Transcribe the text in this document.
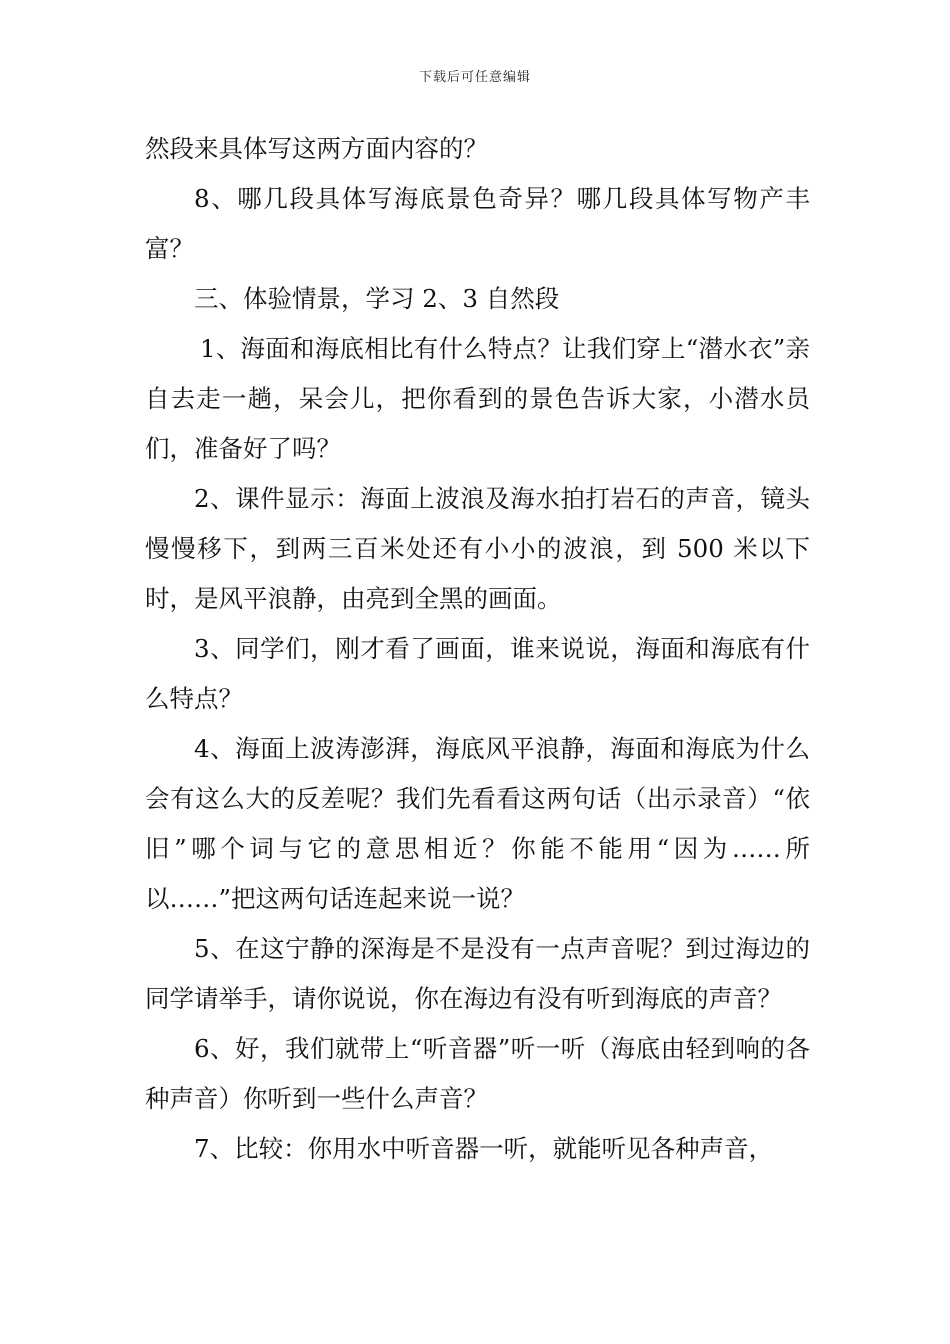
下载后可任意编辑

然段来具体写这两方面内容的？

8、哪几段具体写海底景色奇异？哪几段具体写物产丰富？

三、体验情景，学习 2、3 自然段

1、海面和海底相比有什么特点？让我们穿上“潜水衣”亲自去走一趟，呆会儿，把你看到的景色告诉大家，小潜水员们，准备好了吗？

2、课件显示：海面上波浪及海水拍打岩石的声音，镜头慢慢移下，到两三百米处还有小小的波浪，到 500 米以下时，是风平浪静，由亮到全黑的画面。

3、同学们，刚才看了画面，谁来说说，海面和海底有什么特点？

4、海面上波涛澎湃，海底风平浪静，海面和海底为什么会有这么大的反差呢？我们先看看这两句话（出示录音）“依旧”哪个词与它的意思相近？你能不能用“因为……所以……”把这两句话连起来说一说？

5、在这宁静的深海是不是没有一点声音呢？到过海边的同学请举手，请你说说，你在海边有没有听到海底的声音？

6、好，我们就带上“听音器”听一听（海底由轻到响的各种声音）你听到一些什么声音？

7、比较：你用水中听音器一听，就能听见各种声音，
